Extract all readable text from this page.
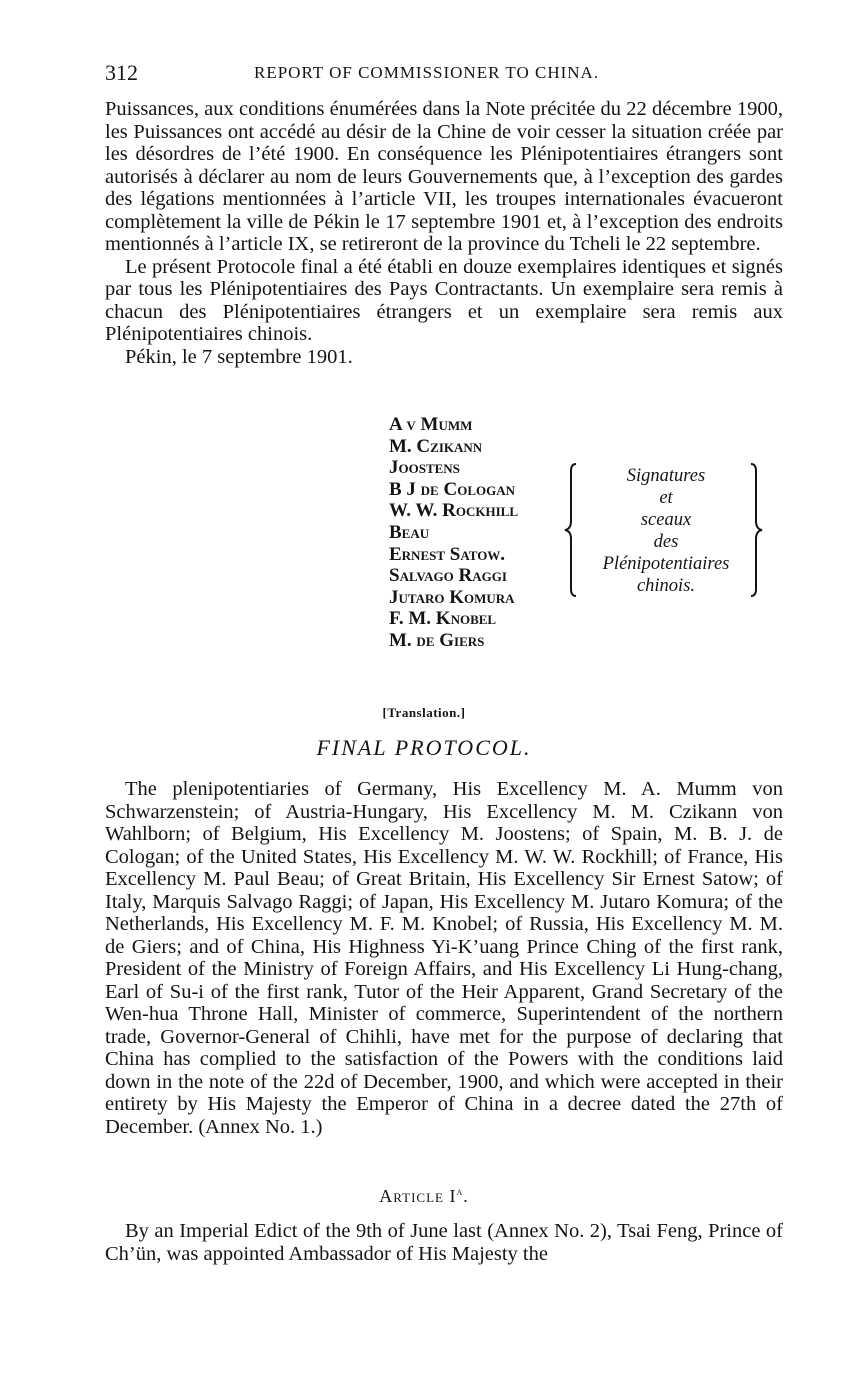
312	REPORT OF COMMISSIONER TO CHINA.

Puissances, aux conditions énumérées dans la Note précitée du 22 décembre 1900, les Puissances ont accédé au désir de la Chine de voir cesser la situation créée par les désordres de l’été 1900. En conséquence les Plénipotentiaires étrangers sont autorisés à déclarer au nom de leurs Gouvernements que, à l’exception des gardes des légations mentionnées à l’article VII, les troupes internationales évacueront complètement la ville de Pékin le 17 septembre 1901 et, à l’exception des endroits mentionnés à l’article IX, se retireront de la province du Tcheli le 22 septembre.

Le présent Protocole final a été établi en douze exemplaires identiques et signés par tous les Plénipotentiaires des Pays Contractants. Un exemplaire sera remis à chacun des Plénipotentiaires étrangers et un exemplaire sera remis aux Plénipotentiaires chinois.

Pékin, le 7 septembre 1901.

A v Mumm
M. Czikann
Joostens
B J de Cologan
W. W. Rockhill
Beau
Ernest Satow.
Salvago Raggi
Jutaro Komura
F. M. Knobel
M. de Giers
Signatures
et
sceaux
des
Plénipotentiaires
chinois.
[Translation.]
FINAL PROTOCOL.

The plenipotentiaries of Germany, His Excellency M. A. Mumm von Schwarzenstein; of Austria-Hungary, His Excellency M. M. Czikann von Wahlborn; of Belgium, His Excellency M. Joostens; of Spain, M. B. J. de Cologan; of the United States, His Excellency M. W. W. Rockhill; of France, His Excellency M. Paul Beau; of Great Britain, His Excellency Sir Ernest Satow; of Italy, Marquis Salvago Raggi; of Japan, His Excellency M. Jutaro Komura; of the Netherlands, His Excellency M. F. M. Knobel; of Russia, His Excellency M. M. de Giers; and of China, His Highness Yi-K’uang Prince Ching of the first rank, President of the Ministry of Foreign Affairs, and His Excellency Li Hung-chang, Earl of Su-i of the first rank, Tutor of the Heir Apparent, Grand Secretary of the Wen-hua Throne Hall, Minister of commerce, Superintendent of the northern trade, Governor-General of Chihli, have met for the purpose of declaring that China has complied to the satisfaction of the Powers with the conditions laid down in the note of the 22d of December, 1900, and which were accepted in their entirety by His Majesty the Emperor of China in a decree dated the 27th of December. (Annex No. 1.)

Article $I^a$.

By an Imperial Edict of the 9th of June last (Annex No. 2), Tsai Feng, Prince of Ch’ün, was appointed Ambassador of His Majesty the
